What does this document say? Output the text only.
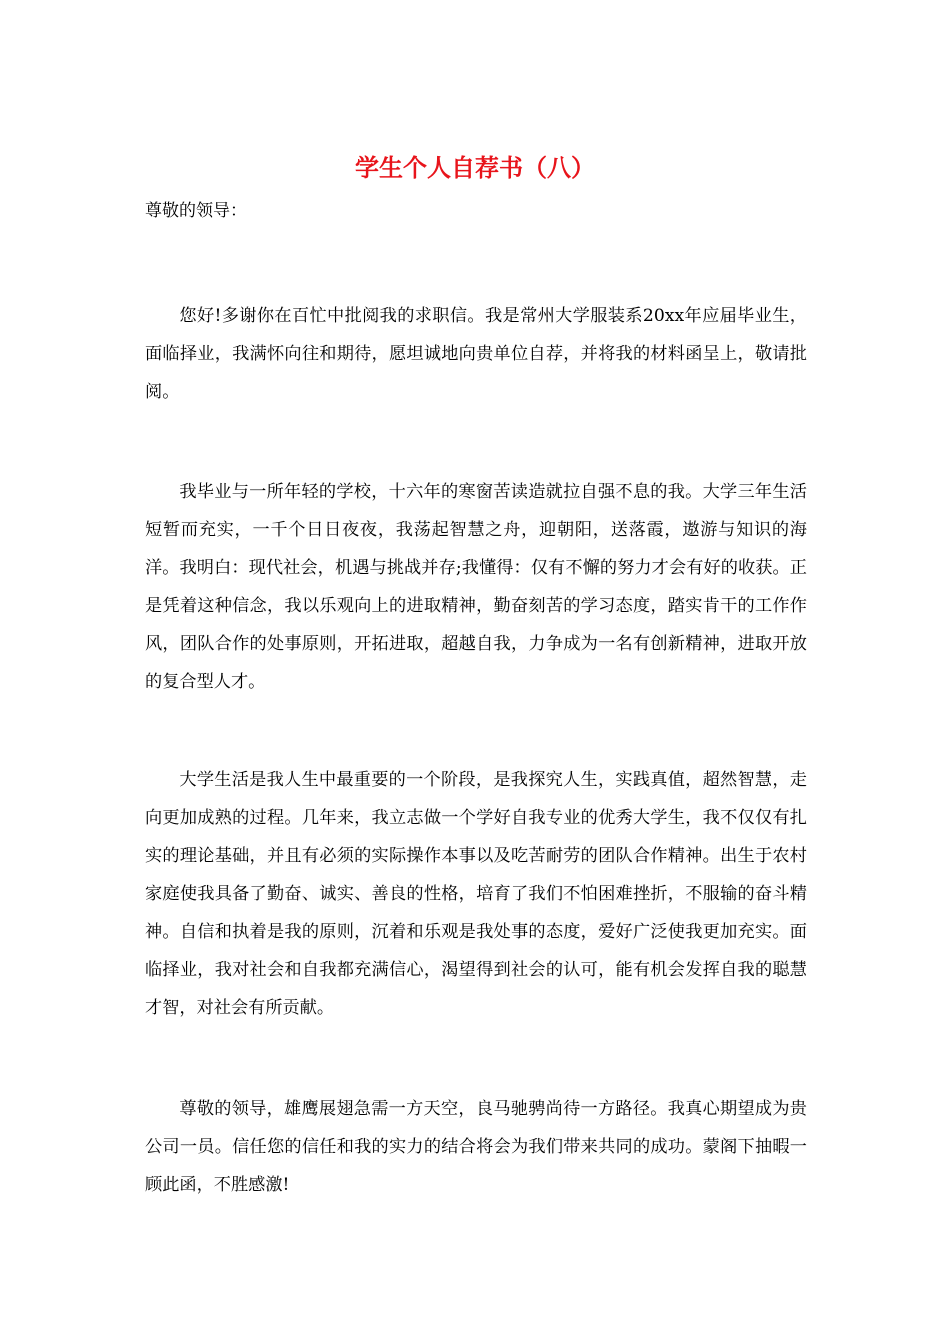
学生个人自荐书（八）

尊敬的领导：

您好!多谢你在百忙中批阅我的求职信。我是常州大学服装系20xx年应届毕业生，面临择业，我满怀向往和期待，愿坦诚地向贵单位自荐，并将我的材料函呈上，敬请批阅。

我毕业与一所年轻的学校，十六年的寒窗苦读造就拉自强不息的我。大学三年生活短暂而充实，一千个日日夜夜，我荡起智慧之舟，迎朝阳，送落霞，遨游与知识的海洋。我明白：现代社会，机遇与挑战并存;我懂得：仅有不懈的努力才会有好的收获。正是凭着这种信念，我以乐观向上的进取精神，勤奋刻苦的学习态度，踏实肯干的工作作风，团队合作的处事原则，开拓进取，超越自我，力争成为一名有创新精神，进取开放的复合型人才。

大学生活是我人生中最重要的一个阶段，是我探究人生，实践真值，超然智慧，走向更加成熟的过程。几年来，我立志做一个学好自我专业的优秀大学生，我不仅仅有扎实的理论基础，并且有必须的实际操作本事以及吃苦耐劳的团队合作精神。出生于农村家庭使我具备了勤奋、诚实、善良的性格，培育了我们不怕困难挫折，不服输的奋斗精神。自信和执着是我的原则，沉着和乐观是我处事的态度，爱好广泛使我更加充实。面临择业，我对社会和自我都充满信心，渴望得到社会的认可，能有机会发挥自我的聪慧才智，对社会有所贡献。

尊敬的领导，雄鹰展翅急需一方天空，良马驰骋尚待一方路径。我真心期望成为贵公司一员。信任您的信任和我的实力的结合将会为我们带来共同的成功。蒙阁下抽暇一顾此函，不胜感激!
